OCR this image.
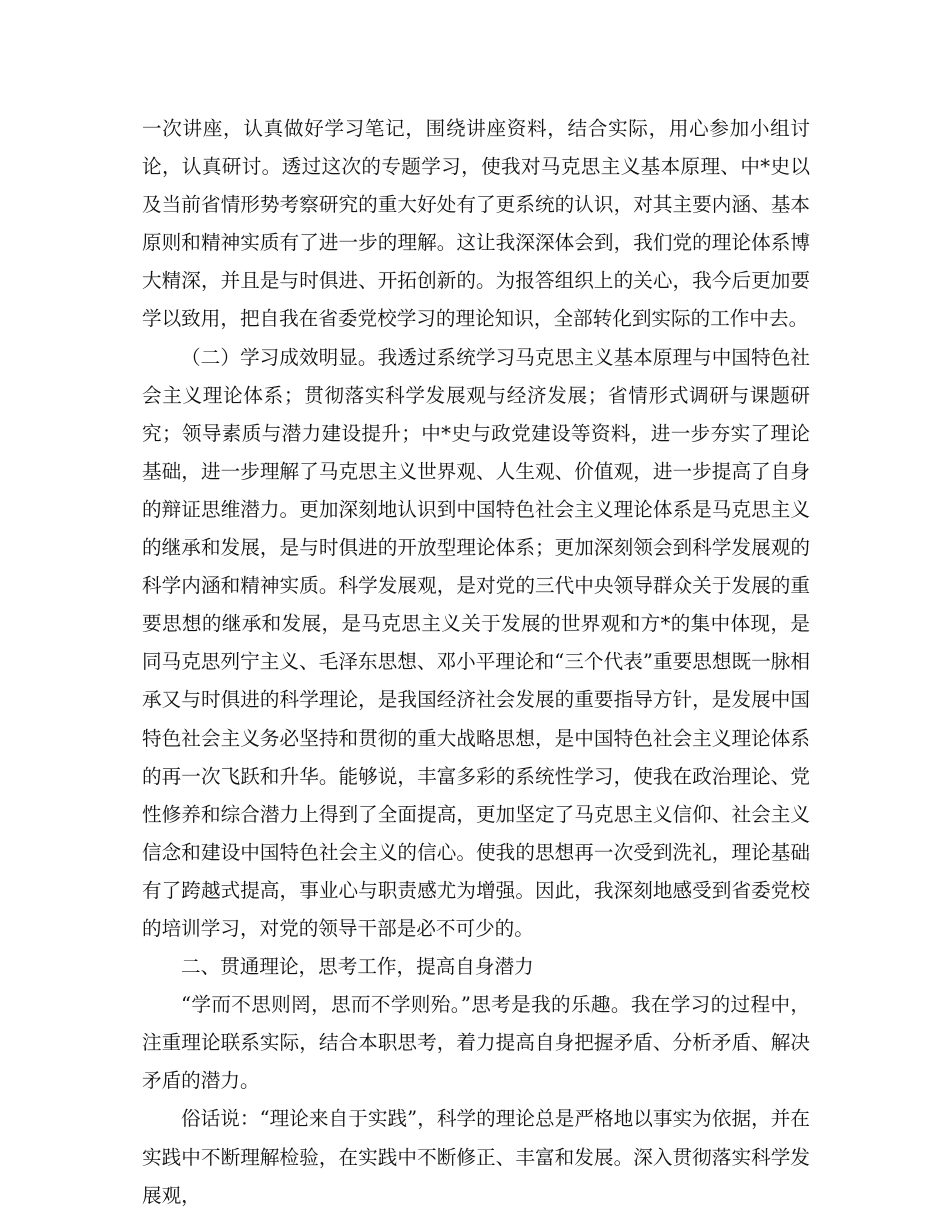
一次讲座，认真做好学习笔记，围绕讲座资料，结合实际，用心参加小组讨论，认真研讨。透过这次的专题学习，使我对马克思主义基本原理、中*史以及当前省情形势考察研究的重大好处有了更系统的认识，对其主要内涵、基本原则和精神实质有了进一步的理解。这让我深深体会到，我们党的理论体系博大精深，并且是与时俱进、开拓创新的。为报答组织上的关心，我今后更加要学以致用，把自我在省委党校学习的理论知识，全部转化到实际的工作中去。

（二）学习成效明显。我透过系统学习马克思主义基本原理与中国特色社会主义理论体系；贯彻落实科学发展观与经济发展；省情形式调研与课题研究；领导素质与潜力建设提升；中*史与政党建设等资料，进一步夯实了理论基础，进一步理解了马克思主义世界观、人生观、价值观，进一步提高了自身的辩证思维潜力。更加深刻地认识到中国特色社会主义理论体系是马克思主义的继承和发展，是与时俱进的开放型理论体系；更加深刻领会到科学发展观的科学内涵和精神实质。科学发展观，是对党的三代中央领导群众关于发展的重要思想的继承和发展，是马克思主义关于发展的世界观和方*的集中体现，是同马克思列宁主义、毛泽东思想、邓小平理论和“三个代表”重要思想既一脉相承又与时俱进的科学理论，是我国经济社会发展的重要指导方针，是发展中国特色社会主义务必坚持和贯彻的重大战略思想，是中国特色社会主义理论体系的再一次飞跃和升华。能够说，丰富多彩的系统性学习，使我在政治理论、党性修养和综合潜力上得到了全面提高，更加坚定了马克思主义信仰、社会主义信念和建设中国特色社会主义的信心。使我的思想再一次受到洗礼，理论基础有了跨越式提高，事业心与职责感尤为增强。因此，我深刻地感受到省委党校的培训学习，对党的领导干部是必不可少的。

二、贯通理论，思考工作，提高自身潜力

“学而不思则罔，思而不学则殆。”思考是我的乐趣。我在学习的过程中，注重理论联系实际，结合本职思考，着力提高自身把握矛盾、分析矛盾、解决矛盾的潜力。

俗话说：“理论来自于实践”，科学的理论总是严格地以事实为依据，并在实践中不断理解检验，在实践中不断修正、丰富和发展。深入贯彻落实科学发展观，
